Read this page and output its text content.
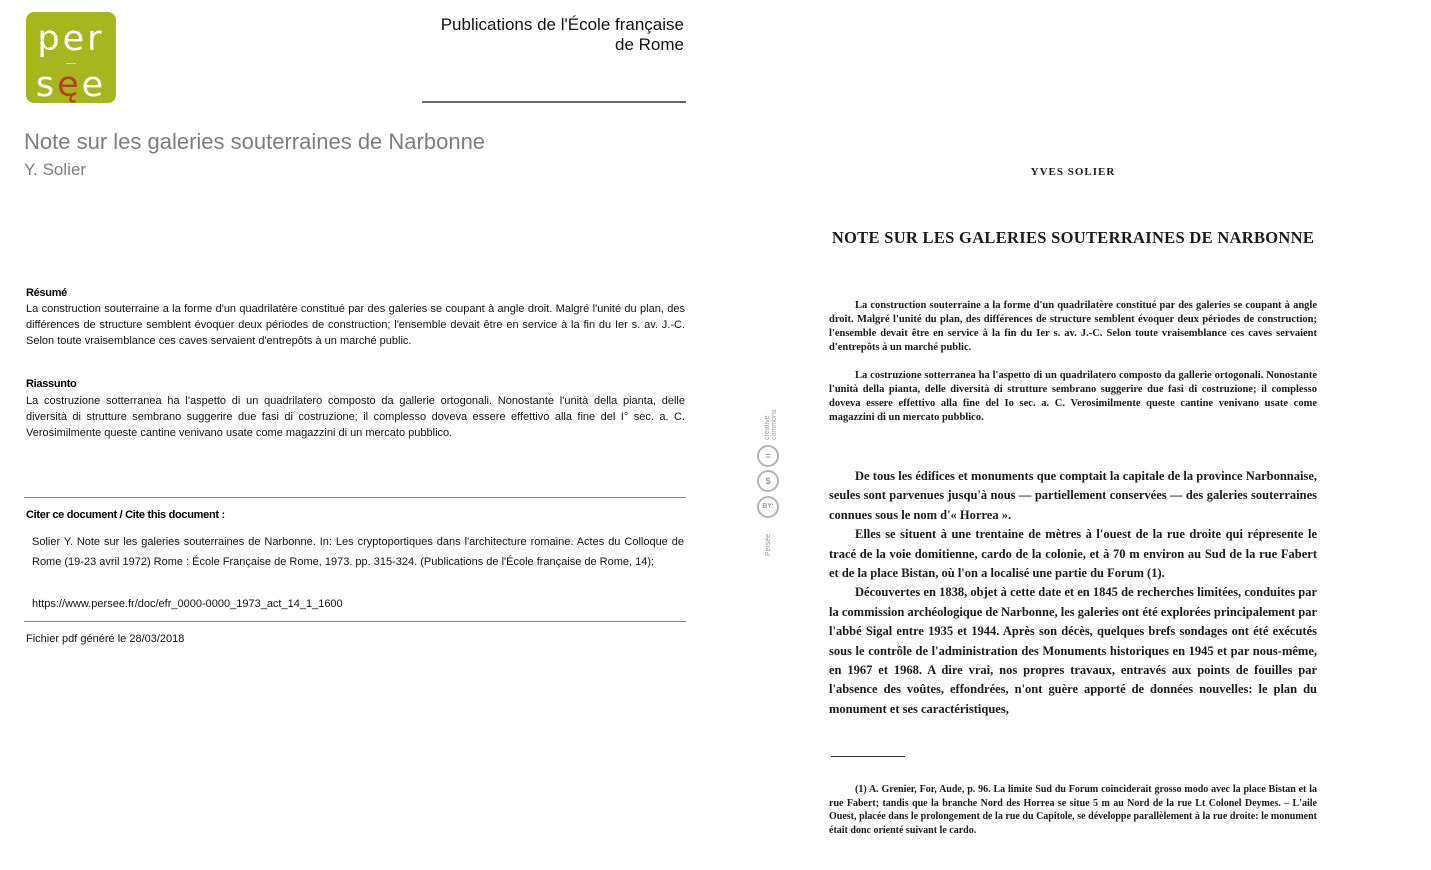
per
sęe
Publications de l'École française
de Rome
Note sur les galeries souterraines de Narbonne
Y. Solier
Résumé
La construction souterraine a la forme d'un quadrilatère constitué par des galeries se coupant à angle droit. Malgré l'unité du plan, des différences de structure semblent évoquer deux périodes de construction; l'ensemble devait être en service à la fin du Ier s. av. J.-C. Selon toute vraisemblance ces caves servaient d'entrepôts à un marché public.
Riassunto
La costruzione sotterranea ha l'aspetto di un quadrilatero composto da gallerie ortogonali. Nonostante l'unità della pianta, delle diversità di strutture sembrano suggerire due fasi di costruzione; il complesso doveva essere effettivo alla fine del I° sec. a. C. Verosimilmente queste cantine venivano usate come magazzini di un mercato pubblico.
Citer ce document / Cite this document :
Solier Y. Note sur les galeries souterraines de Narbonne. In: Les cryptoportiques dans l'architecture romaine. Actes du Colloque de Rome (19-23 avril 1972) Rome : École Française de Rome, 1973. pp. 315-324. (Publications de l'École française de Rome, 14);
https://www.persee.fr/doc/efr_0000-0000_1973_act_14_1_1600
Fichier pdf généré le 28/03/2018
creative commons
=
$
BY:
Persée
YVES SOLIER
NOTE SUR LES GALERIES SOUTERRAINES DE NARBONNE
La construction souterraine a la forme d'un quadrilatère constitué par des galeries se coupant à angle droit. Malgré l'unité du plan, des différences de structure semblent évoquer deux périodes de construction; l'ensemble devait être en service à la fin du Ier s. av. J.-C. Selon toute vraisemblance ces caves servaient d'entrepôts à un marché public.
La costruzione sotterranea ha l'aspetto di un quadrilatero composto da gallerie ortogonali. Nonostante l'unità della pianta, delle diversità di strutture sembrano suggerire due fasi di costruzione; il complesso doveva essere effettivo alla fine del Io sec. a. C. Verosimilmente queste cantine venivano usate come magazzini di un mercato pubblico.

De tous les édifices et monuments que comptait la capitale de la province Narbonnaise, seules sont parvenues jusqu'à nous — partiellement conservées — des galeries souterraines connues sous le nom d'« Horrea ».

Elles se situent à une trentaine de mètres à l'ouest de la rue droite qui répresente le tracé de la voie domitienne, cardo de la colonie, et à 70 m environ au Sud de la rue Fabert et de la place Bistan, où l'on a localisé une partie du Forum (1).

Découvertes en 1838, objet à cette date et en 1845 de recherches limitées, conduites par la commission archéologique de Narbonne, les galeries ont été explorées principalement par l'abbé Sigal entre 1935 et 1944. Après son décès, quelques brefs sondages ont été exécutés sous le contrôle de l'administration des Monuments historiques en 1945 et par nous-même, en 1967 et 1968. A dire vrai, nos propres travaux, entravés aux points de fouilles par l'absence des voûtes, effondrées, n'ont guère apporté de données nouvelles: le plan du monument et ses caractéristiques,

(1) A. Grenier, For, Aude, p. 96. La limite Sud du Forum coinciderait grosso modo avec la place Bistan et la rue Fabert; tandis que la branche Nord des Horrea se situe 5 m au Nord de la rue Lt Colonel Deymes. – L'aile Ouest, placée dans le prolongement de la rue du Capitole, se développe parallèlement à la rue droite: le monument était donc orienté suivant le cardo.
